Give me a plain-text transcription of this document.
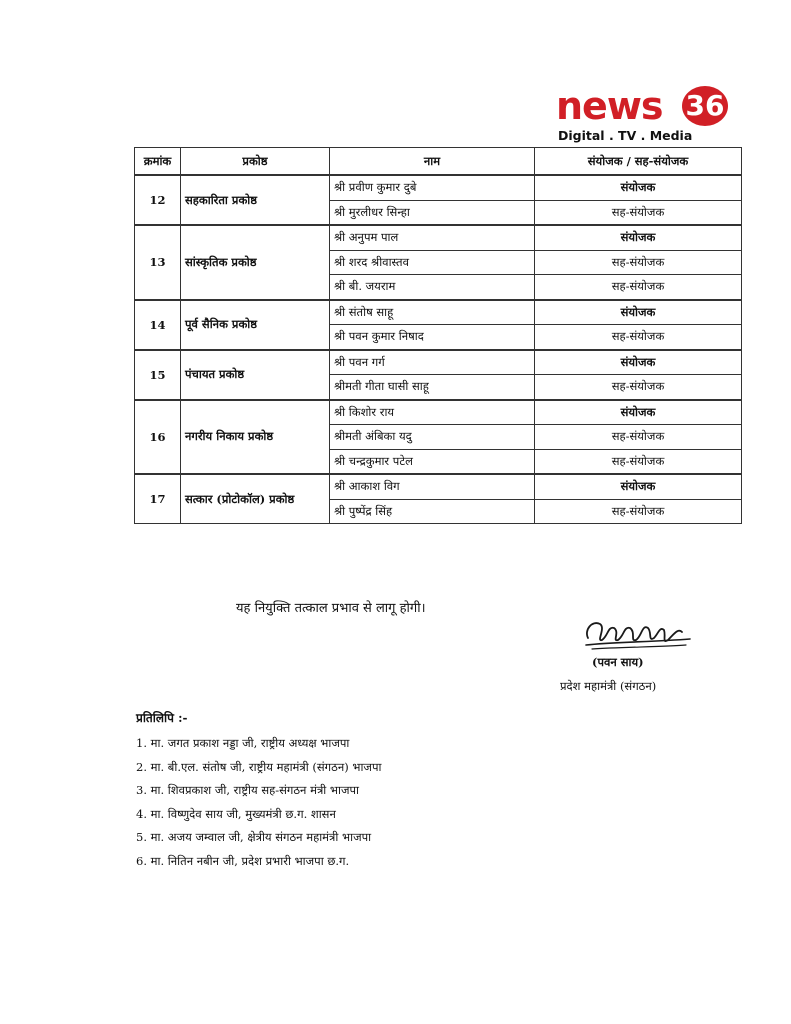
news 36
Digital . TV . Media
क्रमांक	प्रकोष्ठ	नाम	संयोजक / सह-संयोजक
12	सहकारिता प्रकोष्ठ	श्री प्रवीण कुमार दुबे	संयोजक
		श्री मुरलीधर सिन्हा	सह-संयोजक
13	सांस्कृतिक प्रकोष्ठ	श्री अनुपम पाल	संयोजक
		श्री शरद श्रीवास्तव	सह-संयोजक
		श्री बी. जयराम	सह-संयोजक
14	पूर्व सैनिक प्रकोष्ठ	श्री संतोष साहू	संयोजक
		श्री पवन कुमार निषाद	सह-संयोजक
15	पंचायत प्रकोष्ठ	श्री पवन गर्ग	संयोजक
		श्रीमती गीता घासी साहू	सह-संयोजक
16	नगरीय निकाय प्रकोष्ठ	श्री किशोर राय	संयोजक
		श्रीमती अंबिका यदु	सह-संयोजक
		श्री चन्द्रकुमार पटेल	सह-संयोजक
17	सत्कार (प्रोटोकॉल) प्रकोष्ठ	श्री आकाश विग	संयोजक
		श्री पुष्पेंद्र सिंह	सह-संयोजक
यह नियुक्ति तत्काल प्रभाव से लागू होगी।
(पवन साय)
प्रदेश महामंत्री (संगठन)
प्रतिलिपि :-
1. मा. जगत प्रकाश नड्डा जी, राष्ट्रीय अध्यक्ष भाजपा
2. मा. बी.एल. संतोष जी, राष्ट्रीय महामंत्री (संगठन) भाजपा
3. मा. शिवप्रकाश जी, राष्ट्रीय सह-संगठन मंत्री भाजपा
4. मा. विष्णुदेव साय जी, मुख्यमंत्री छ.ग. शासन
5. मा. अजय जम्वाल जी, क्षेत्रीय संगठन महामंत्री भाजपा
6. मा. नितिन नबीन जी, प्रदेश प्रभारी भाजपा छ.ग.
